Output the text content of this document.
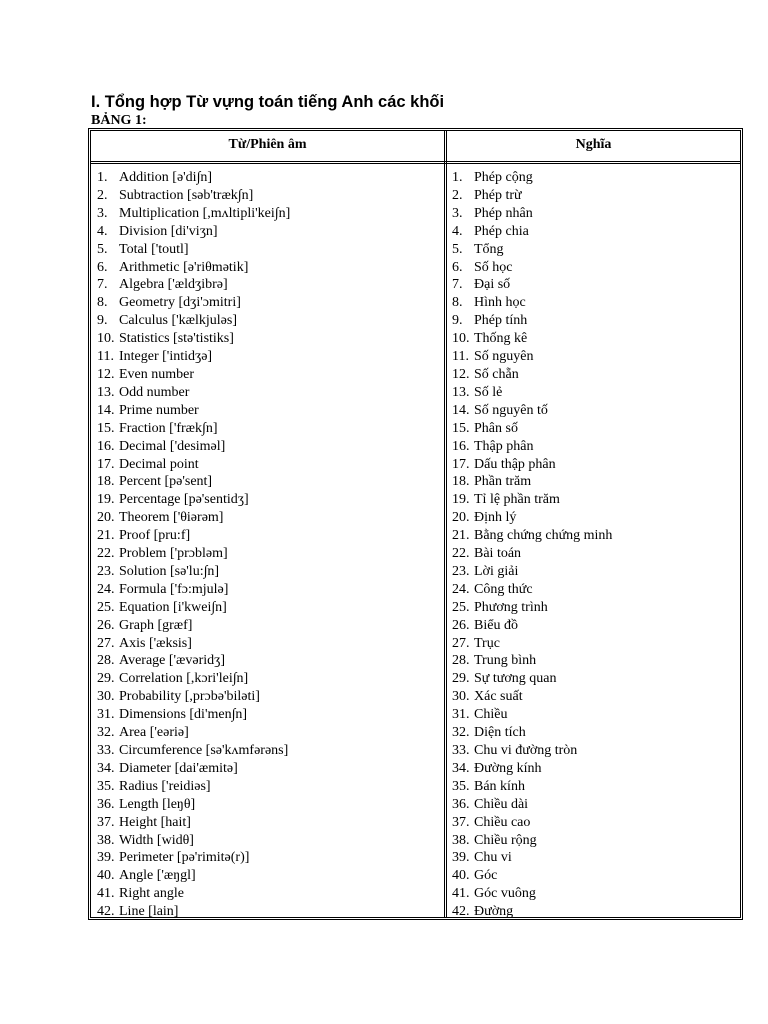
I. Tổng hợp Từ vựng toán tiếng Anh các khối
BẢNG 1:
Từ/Phiên âm	Nghĩa
1. Addition [ə'di∫n]
2. Subtraction [səb'træk∫n]
3. Multiplication [,mʌltipli'kei∫n]
4. Division [di'viʒn]
5. Total ['toutl]
6. Arithmetic [ə'riθmətik]
7. Algebra ['ældʒibrə]
8. Geometry [dʒi'ɔmitri]
9. Calculus ['kælkjuləs]
10. Statistics [stə'tistiks]
11. Integer ['intidʒə]
12. Even number
13. Odd number
14. Prime number
15. Fraction ['fræk∫n]
16. Decimal ['desiməl]
17. Decimal point
18. Percent [pə'sent]
19. Percentage [pə'sentidʒ]
20. Theorem ['θiərəm]
21. Proof [pru:f]
22. Problem ['prɔbləm]
23. Solution [sə'lu:∫n]
24. Formula ['fɔ:mjulə]
25. Equation [i'kwei∫n]
26. Graph [græf]
27. Axis ['æksis]
28. Average ['ævəridʒ]
29. Correlation [,kɔri'lei∫n]
30. Probability [,prɔbə'biləti]
31. Dimensions [di'men∫n]
32. Area ['eəriə]
33. Circumference [sə'kʌmfərəns]
34. Diameter [dai'æmitə]
35. Radius ['reidiəs]
36. Length [leŋθ]
37. Height [hait]
38. Width [widθ]
39. Perimeter [pə'rimitə(r)]
40. Angle ['æŋgl]
41. Right angle
42. Line [lain]
1. Phép cộng
2. Phép trừ
3. Phép nhân
4. Phép chia
5. Tổng
6. Số học
7. Đại số
8. Hình học
9. Phép tính
10. Thống kê
11. Số nguyên
12. Số chẵn
13. Số lẻ
14. Số nguyên tố
15. Phân số
16. Thập phân
17. Dấu thập phân
18. Phần trăm
19. Tỉ lệ phần trăm
20. Định lý
21. Bằng chứng chứng minh
22. Bài toán
23. Lời giải
24. Công thức
25. Phương trình
26. Biểu đồ
27. Trục
28. Trung bình
29. Sự tương quan
30. Xác suất
31. Chiều
32. Diện tích
33. Chu vi đường tròn
34. Đường kính
35. Bán kính
36. Chiều dài
37. Chiều cao
38. Chiều rộng
39. Chu vi
40. Góc
41. Góc vuông
42. Đường
